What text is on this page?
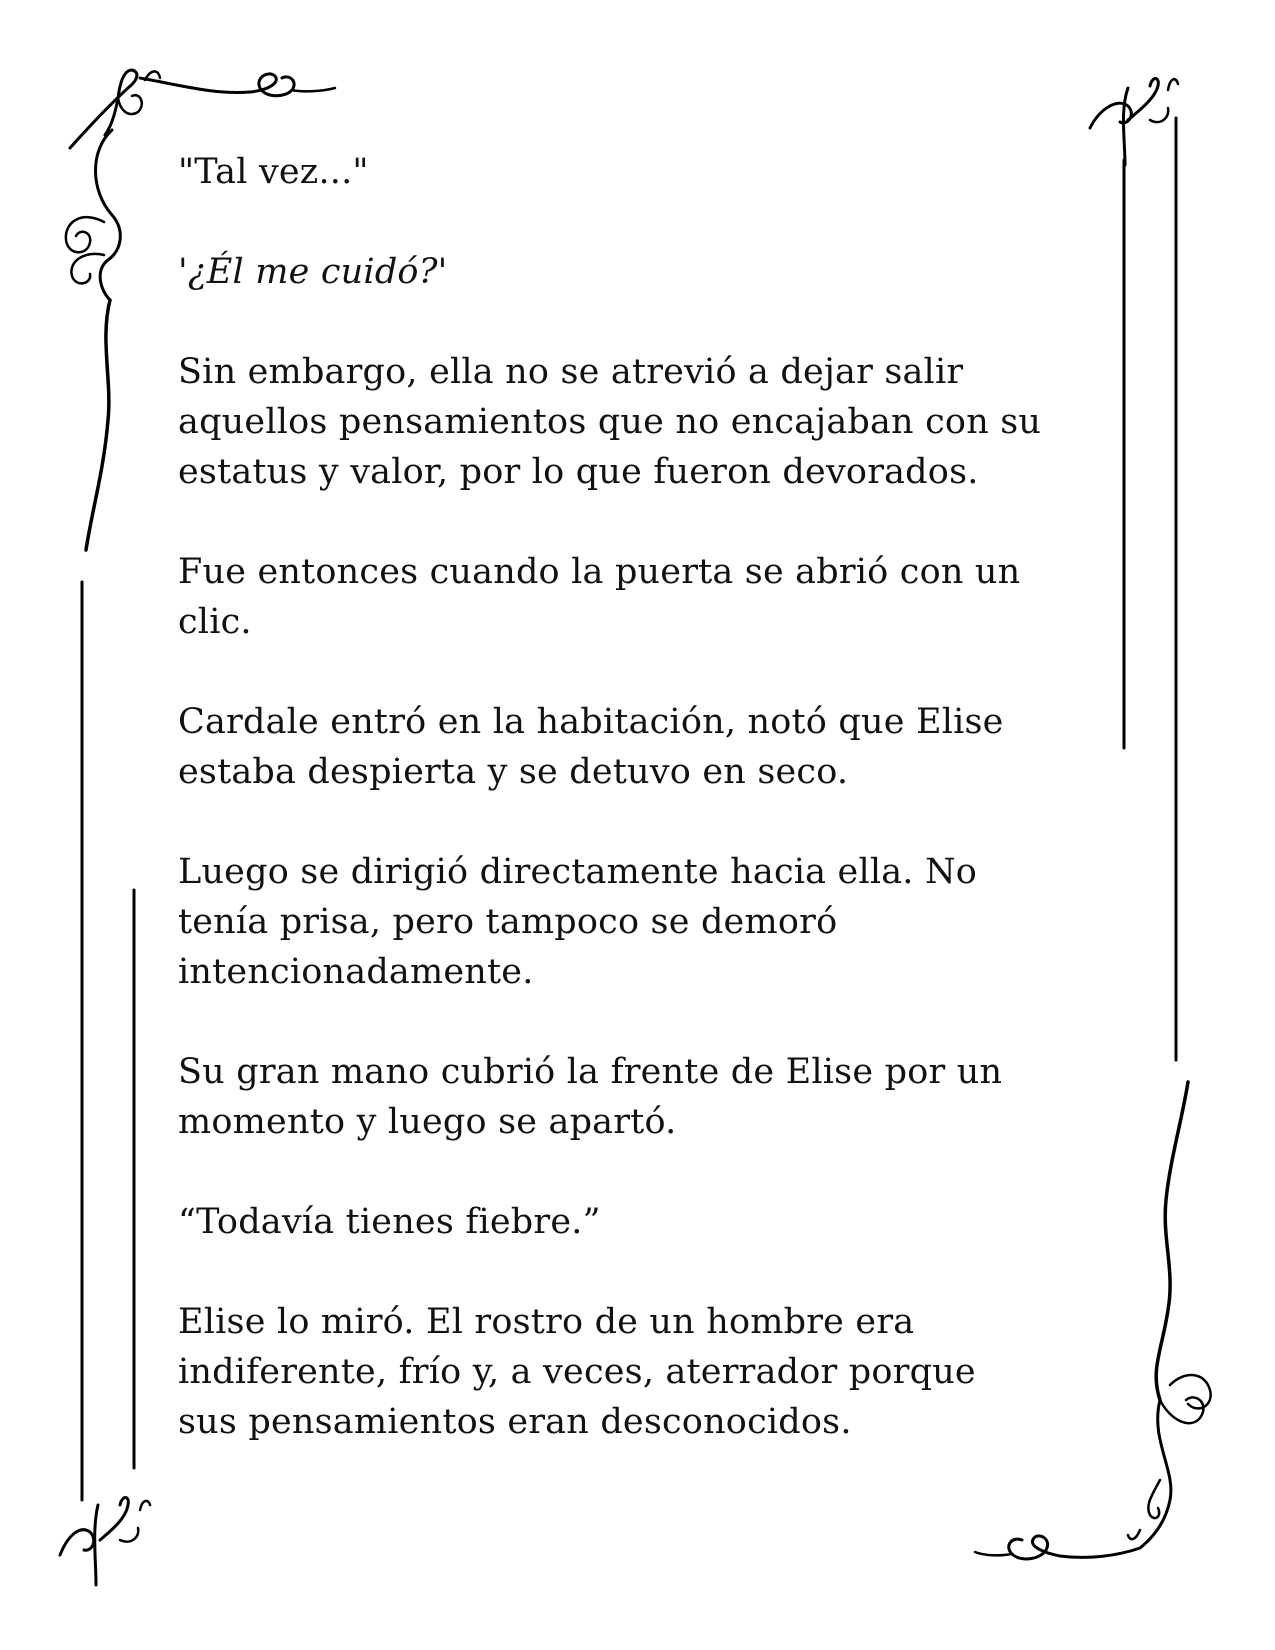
"Tal vez..."

'¿Él me cuidó?'

Sin embargo, ella no se atrevió a dejar salir
aquellos pensamientos que no encajaban con su
estatus y valor, por lo que fueron devorados.

Fue entonces cuando la puerta se abrió con un
clic.

Cardale entró en la habitación, notó que Elise
estaba despierta y se detuvo en seco.

Luego se dirigió directamente hacia ella. No
tenía prisa, pero tampoco se demoró
intencionadamente.

Su gran mano cubrió la frente de Elise por un
momento y luego se apartó.

“Todavía tienes fiebre.”

Elise lo miró. El rostro de un hombre era
indiferente, frío y, a veces, aterrador porque
sus pensamientos eran desconocidos.
